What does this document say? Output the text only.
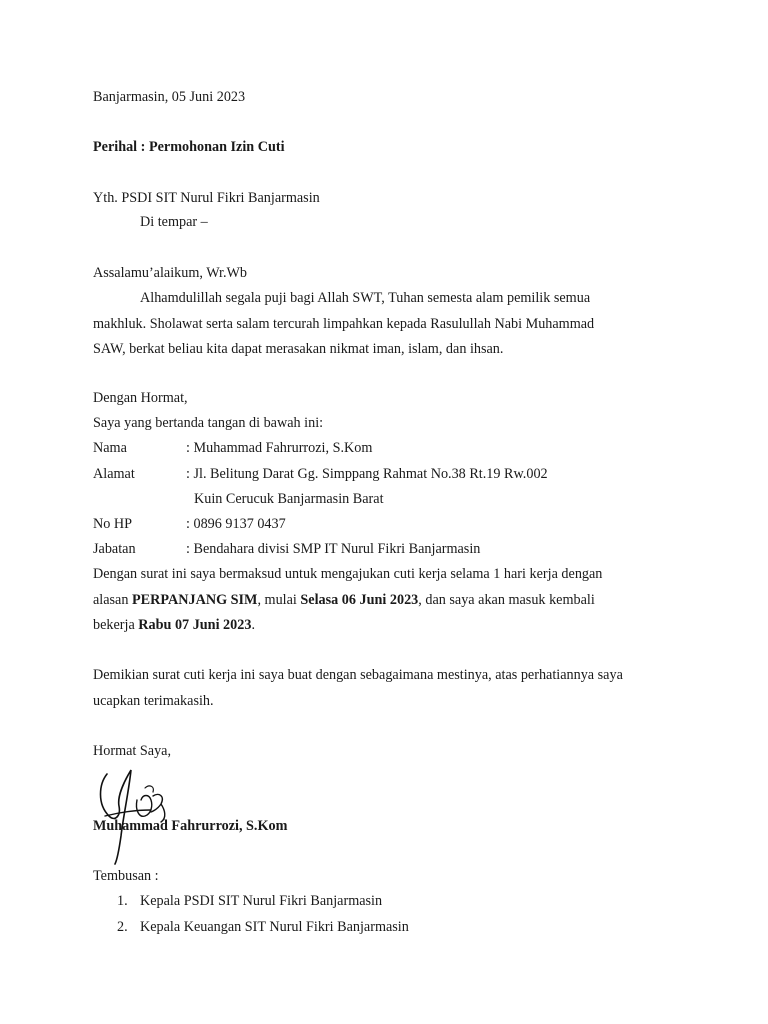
Banjarmasin, 05 Juni 2023
Perihal : Permohonan Izin Cuti
Yth. PSDI SIT Nurul Fikri Banjarmasin
Di tempar –
Assalamu’alaikum, Wr.Wb
Alhamdulillah segala puji bagi Allah SWT, Tuhan semesta alam pemilik semua
makhluk. Sholawat serta salam tercurah limpahkan kepada Rasulullah Nabi Muhammad
SAW, berkat beliau kita dapat merasakan nikmat iman, islam, dan ihsan.
Dengan Hormat,
Saya yang bertanda tangan di bawah ini:
Nama	: Muhammad Fahrurrozi, S.Kom
Alamat	: Jl. Belitung Darat Gg. Simppang Rahmat No.38 Rt.19 Rw.002
Kuin Cerucuk Banjarmasin Barat
No HP	: 0896 9137 0437
Jabatan	: Bendahara divisi SMP IT Nurul Fikri Banjarmasin
Dengan surat ini saya bermaksud untuk mengajukan cuti kerja selama 1 hari kerja dengan
alasan PERPANJANG SIM, mulai Selasa 06 Juni 2023, dan saya akan masuk kembali
bekerja Rabu 07 Juni 2023.
Demikian surat cuti kerja ini saya buat dengan sebagaimana mestinya, atas perhatiannya saya
ucapkan terimakasih.
Hormat Saya,
Muhammad Fahrurrozi, S.Kom
Tembusan :
1. Kepala PSDI SIT Nurul Fikri Banjarmasin
2. Kepala Keuangan SIT Nurul Fikri Banjarmasin
